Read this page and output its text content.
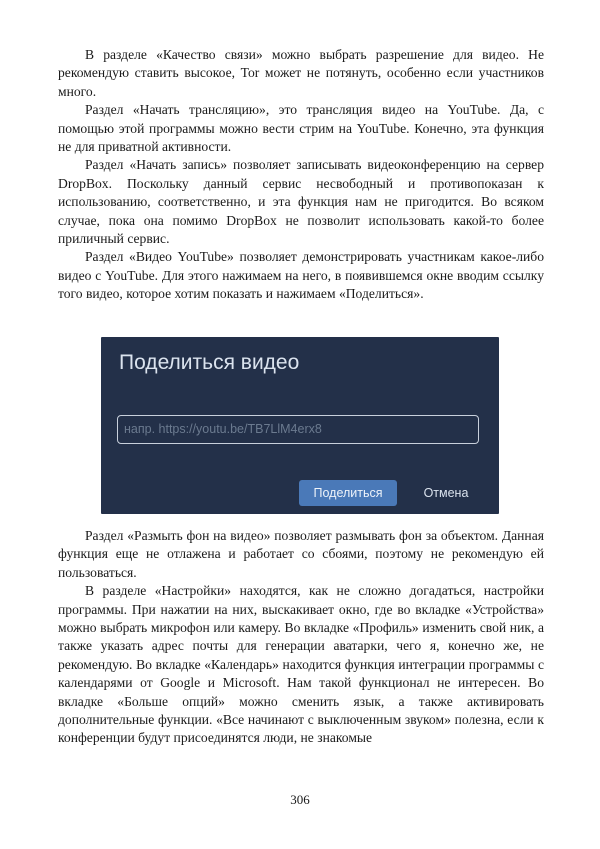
В разделе «Качество связи» можно выбрать разрешение для видео. Не рекомендую ставить высокое, Tor может не потянуть, особенно если участников много.

Раздел «Начать трансляцию», это трансляция видео на YouTube. Да, с помощью этой программы можно вести стрим на YouTube. Конечно, эта функция не для приватной активности.

Раздел «Начать запись» позволяет записывать видеоконференцию на сервер DropBox. Поскольку данный сервис несвободный и противопоказан к использованию, соответственно, и эта функция нам не пригодится. Во всяком случае, пока она помимо DropBox не позволит использовать какой-то более приличный сервис.

Раздел «Видео YouTube» позволяет демонстрировать участникам какое-либо видео с YouTube. Для этого нажимаем на него, в появившемся окне вводим ссылку того видео, которое хотим показать и нажимаем «Поделиться».

Поделиться видео
напр. https://youtu.be/TB7LlM4erx8
Поделиться	Отмена

Раздел «Размыть фон на видео» позволяет размывать фон за объектом. Данная функция еще не отлажена и работает со сбоями, поэтому не рекомендую ей пользоваться.

В разделе «Настройки» находятся, как не сложно догадаться, настройки программы. При нажатии на них, выскакивает окно, где во вкладке «Устройства» можно выбрать микрофон или камеру. Во вкладке «Профиль» изменить свой ник, а также указать адрес почты для генерации аватарки, чего я, конечно же, не рекомендую. Во вкладке «Календарь» находится функция интеграции программы с календарями от Google и Microsoft. Нам такой функционал не интересен. Во вкладке «Больше опций» можно сменить язык, а также активировать дополнительные функции. «Все начинают с выключенным звуком» полезна, если к конференции будут присоединятся люди, не знакомые

306
